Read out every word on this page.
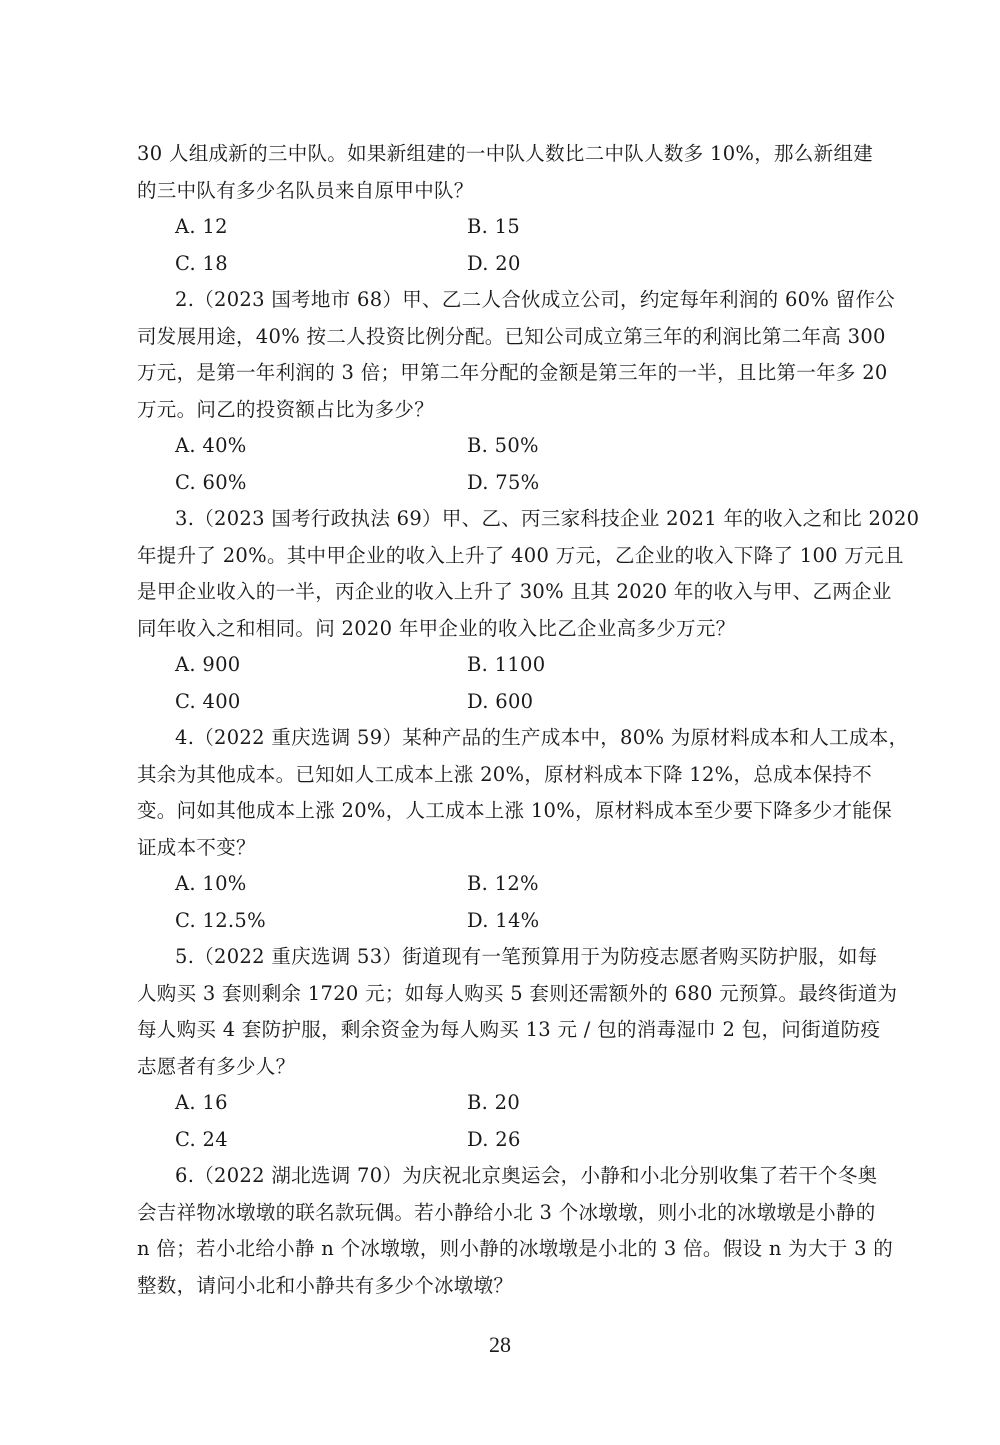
30 人组成新的三中队。如果新组建的一中队人数比二中队人数多 10%，那么新组建
的三中队有多少名队员来自原甲中队？
A. 12	B. 15
C. 18	D. 20
2.（2023 国考地市 68）甲、乙二人合伙成立公司，约定每年利润的 60% 留作公
司发展用途，40% 按二人投资比例分配。已知公司成立第三年的利润比第二年高 300
万元，是第一年利润的 3 倍；甲第二年分配的金额是第三年的一半，且比第一年多 20
万元。问乙的投资额占比为多少？
A. 40%	B. 50%
C. 60%	D. 75%
3.（2023 国考行政执法 69）甲、乙、丙三家科技企业 2021 年的收入之和比 2020
年提升了 20%。其中甲企业的收入上升了 400 万元，乙企业的收入下降了 100 万元且
是甲企业收入的一半，丙企业的收入上升了 30% 且其 2020 年的收入与甲、乙两企业
同年收入之和相同。问 2020 年甲企业的收入比乙企业高多少万元？
A. 900	B. 1100
C. 400	D. 600
4.（2022 重庆选调 59）某种产品的生产成本中，80% 为原材料成本和人工成本，
其余为其他成本。已知如人工成本上涨 20%，原材料成本下降 12%，总成本保持不
变。问如其他成本上涨 20%，人工成本上涨 10%，原材料成本至少要下降多少才能保
证成本不变？
A. 10%	B. 12%
C. 12.5%	D. 14%
5.（2022 重庆选调 53）街道现有一笔预算用于为防疫志愿者购买防护服，如每
人购买 3 套则剩余 1720 元；如每人购买 5 套则还需额外的 680 元预算。最终街道为
每人购买 4 套防护服，剩余资金为每人购买 13 元 / 包的消毒湿巾 2 包，问街道防疫
志愿者有多少人？
A. 16	B. 20
C. 24	D. 26
6.（2022 湖北选调 70）为庆祝北京奥运会，小静和小北分别收集了若干个冬奥
会吉祥物冰墩墩的联名款玩偶。若小静给小北 3 个冰墩墩，则小北的冰墩墩是小静的
n 倍；若小北给小静 n 个冰墩墩，则小静的冰墩墩是小北的 3 倍。假设 n 为大于 3 的
整数，请问小北和小静共有多少个冰墩墩？
28
